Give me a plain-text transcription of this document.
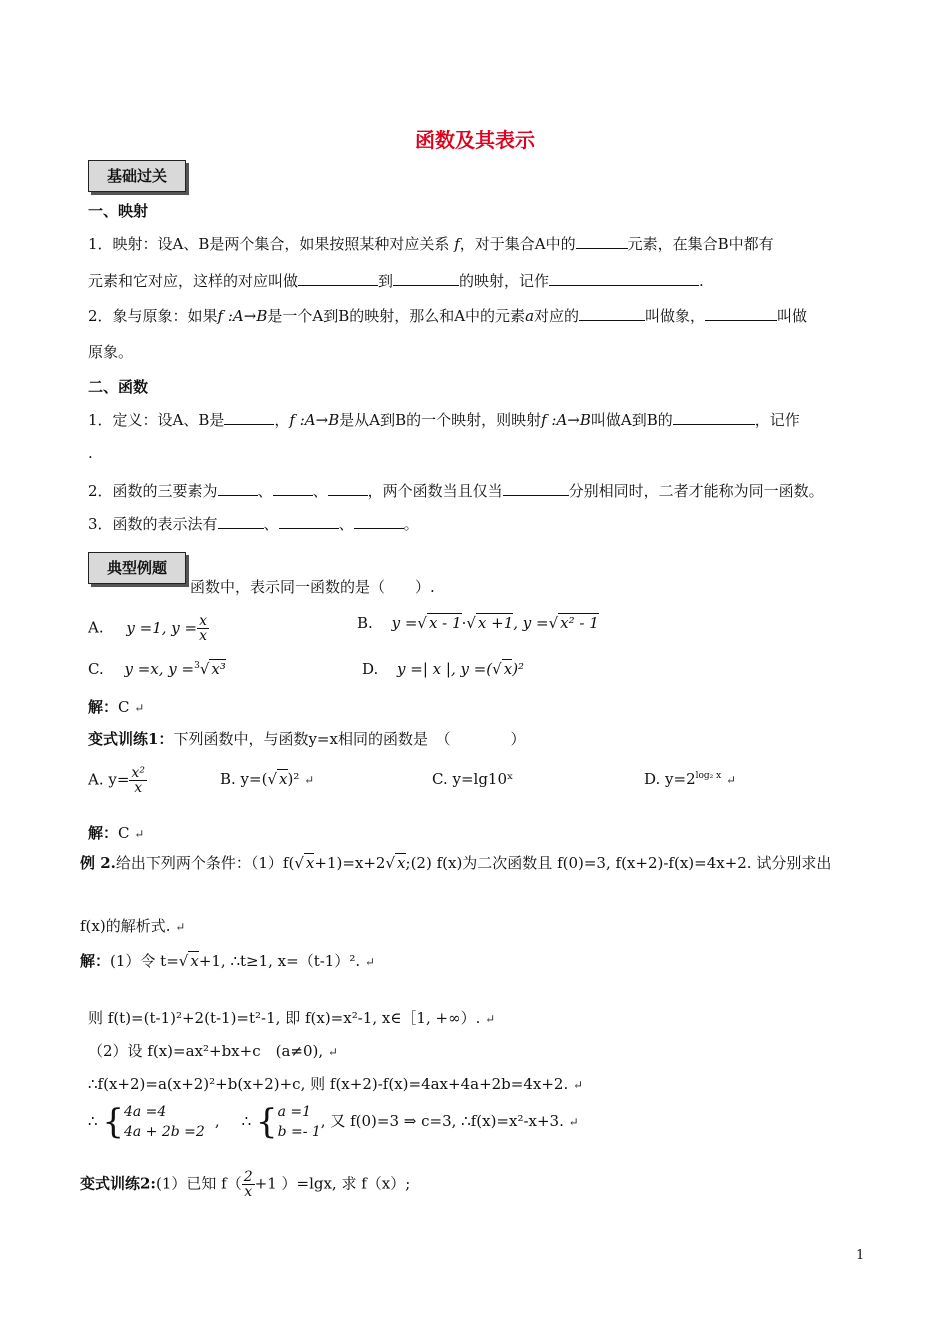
函数及其表示
基础过关
一、映射
1．映射：设A、B是两个集合，如果按照某种对应关系 f，对于集合A中的	元素，在集合B中都有
元素和它对应，这样的对应叫做	到	的映射，记作	.
2．象与原象：如果f :A→B是一个A到B的映射，那么和A中的元素a对应的	叫做象，	叫做
原象。
二、函数
1．定义：设A、B是	，f :A→B是从A到B的一个映射，则映射f :A→B叫做A到B的	，记作
.
2．函数的三要素为	、	、	，两个函数当且仅当	分别相同时，二者才能称为同一函数。
3．函数的表示法有	、	、	。
典型例题
函数中，表示同一函数的是（　　）.
A. y =1, $y = \frac{x}{x}$	B. y =√ x - 1·√ x +1, y =√ x² - 1
C. y =x, y =$^3$√ x³	D. y =| x |, y =(√ x)²
解：C ↵
变式训练1：下列函数中，与函数y=x相同的函数是　（　　　　）
A. $y= \frac{\text{x²}}{x}$	B. y=(√ x)² ↵	C. y=lg10ˣ	D. $y=2^{log_2 x}$ ↵
解：C ↵
例 2.给出下列两个条件：（1）f(√ x+1)=x+2√ x;(2) f(x)为二次函数且 f(0)=3, f(x+2)-f(x)=4x+2. 试分别求出
f(x)的解析式. ↵
解：(1）令 t=√ x+1, ∴t≥1, x=（t-1）². ↵
则 f(t)=(t-1)²+2(t-1)=t²-1, 即 f(x)=x²-1, x∈［1, +∞）. ↵
（2）设 f(x)=ax²+bx+c　(a≠0), ↵
∴f(x+2)=a(x+2)²+b(x+2)+c, 则 f(x+2)-f(x)=4ax+4a+2b=4x+2. ↵
∴ { 4a =4
4a + 2b =2
, ∴ { a =1
b =- 1
, 又 f(0)=3 ⇒ c=3, ∴f(x)=x²-x+3. ↵
变式训练2:(1）已知 $f( \frac{2}{x} +1$ ）=lgx, 求 f（x）;
1
